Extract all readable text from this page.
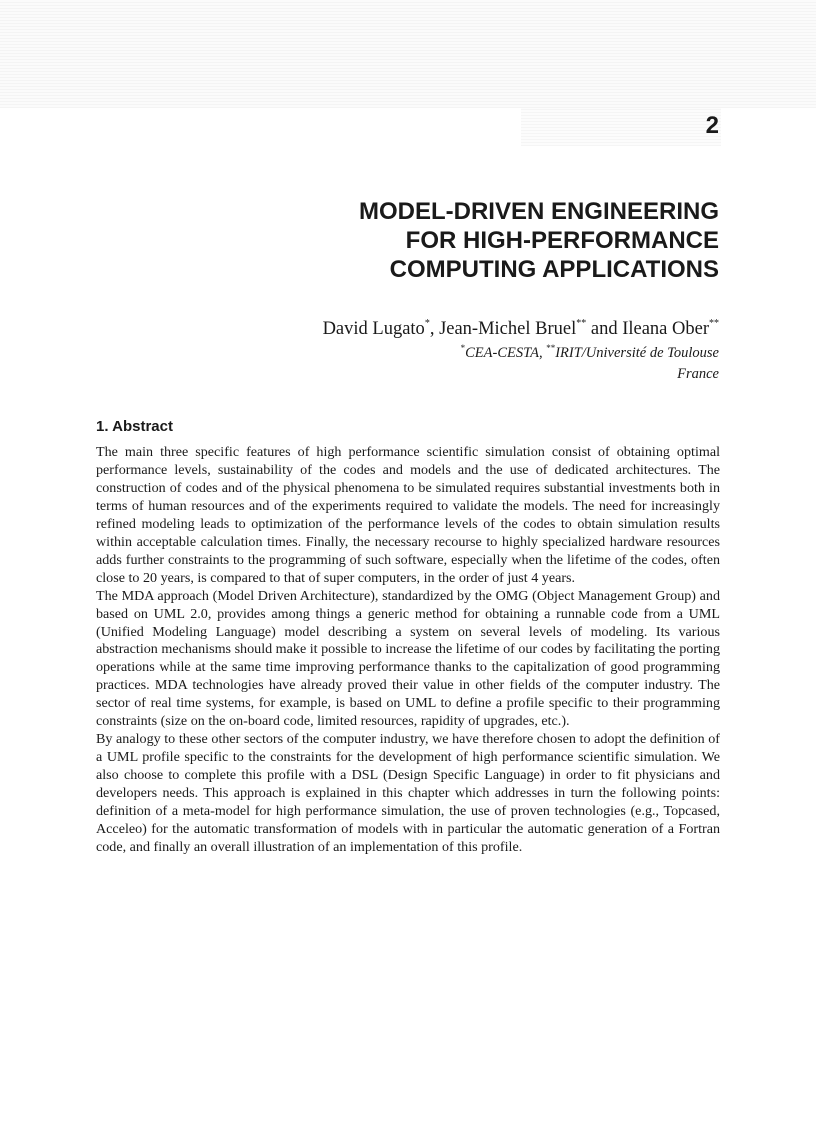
2
MODEL-DRIVEN ENGINEERING
FOR HIGH-PERFORMANCE
COMPUTING APPLICATIONS
David Lugato*, Jean-Michel Bruel** and Ileana Ober**
*CEA-CESTA, **IRIT/Université de Toulouse
France
1. Abstract

The main three specific features of high performance scientific simulation consist of obtaining optimal performance levels, sustainability of the codes and models and the use of dedicated architectures. The construction of codes and of the physical phenomena to be simulated requires substantial investments both in terms of human resources and of the experiments required to validate the models. The need for increasingly refined modeling leads to optimization of the performance levels of the codes to obtain simulation results within acceptable calculation times. Finally, the necessary recourse to highly specialized hardware resources adds further constraints to the programming of such software, especially when the lifetime of the codes, often close to 20 years, is compared to that of super computers, in the order of just 4 years.

The MDA approach (Model Driven Architecture), standardized by the OMG (Object Management Group) and based on UML 2.0, provides among things a generic method for obtaining a runnable code from a UML (Unified Modeling Language) model describing a system on several levels of modeling. Its various abstraction mechanisms should make it possible to increase the lifetime of our codes by facilitating the porting operations while at the same time improving performance thanks to the capitalization of good programming practices. MDA technologies have already proved their value in other fields of the computer industry. The sector of real time systems, for example, is based on UML to define a profile specific to their programming constraints (size on the on-board code, limited resources, rapidity of upgrades, etc.).

By analogy to these other sectors of the computer industry, we have therefore chosen to adopt the definition of a UML profile specific to the constraints for the development of high performance scientific simulation. We also choose to complete this profile with a DSL (Design Specific Language) in order to fit physicians and developers needs. This approach is explained in this chapter which addresses in turn the following points: definition of a meta-model for high performance simulation, the use of proven technologies (e.g., Topcased, Acceleo) for the automatic transformation of models with in particular the automatic generation of a Fortran code, and finally an overall illustration of an implementation of this profile.
